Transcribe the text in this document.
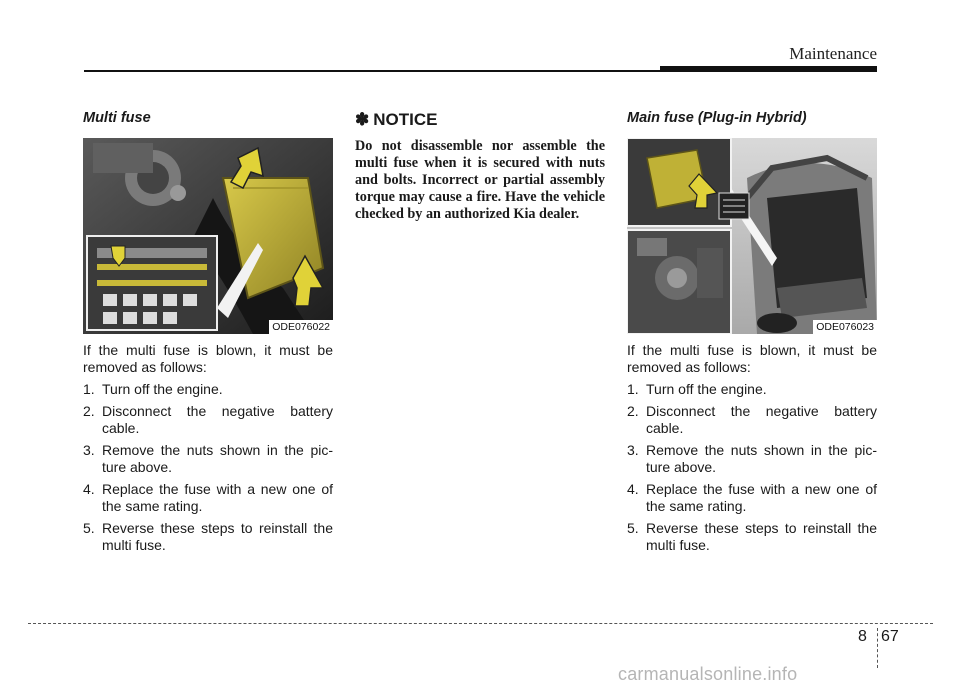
Maintenance
Multi fuse
ODE076022

If the multi fuse is blown, it must be removed as follows:

1. Turn off the engine.
2. Disconnect the negative battery cable.
3. Remove the nuts shown in the pic- ture above.
4. Replace the fuse with a new one of the same rating.
5. Reverse these steps to reinstall the multi fuse.
✽ NOTICE

Do not disassemble nor assemble the multi fuse when it is secured with nuts and bolts. Incorrect or partial assembly torque may cause a fire. Have the vehicle checked by an authorized Kia dealer.

Main fuse (Plug-in Hybrid)
ODE076023

If the multi fuse is blown, it must be removed as follows:

1. Turn off the engine.
2. Disconnect the negative battery cable.
3. Remove the nuts shown in the pic- ture above.
4. Replace the fuse with a new one of the same rating.
5. Reverse these steps to reinstall the multi fuse.
8 67
carmanualsonline.info
